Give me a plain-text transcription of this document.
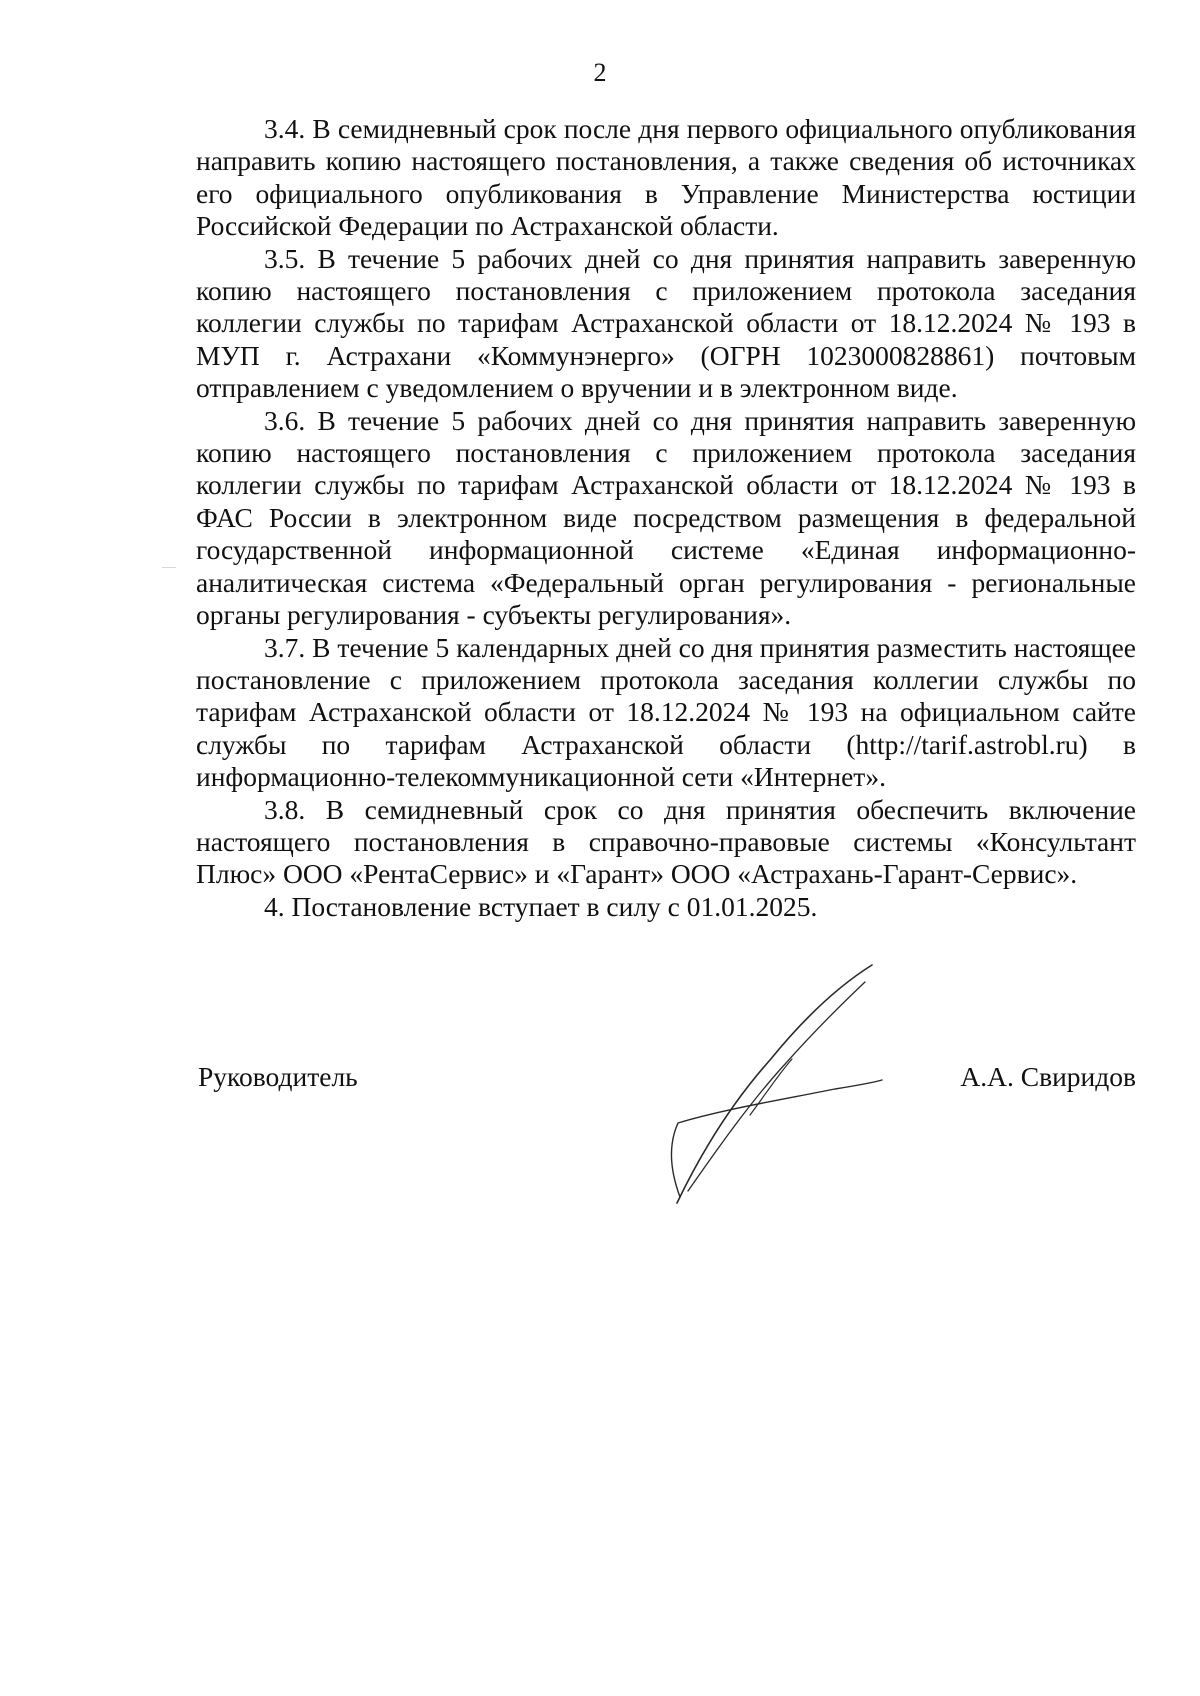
2

3.4. В семидневный срок после дня первого официального опубликования направить копию настоящего постановления, а также сведения об источниках его официального опубликования в Управление Министерства юстиции Российской Федерации по Астраханской области.

3.5. В течение 5 рабочих дней со дня принятия направить заверенную копию настоящего постановления с приложением протокола заседания коллегии службы по тарифам Астраханской области от 18.12.2024 № 193 в МУП г. Астрахани «Коммунэнерго» (ОГРН 1023000828861) почтовым отправлением с уведомлением о вручении и в электронном виде.

3.6. В течение 5 рабочих дней со дня принятия направить заверенную копию настоящего постановления с приложением протокола заседания коллегии службы по тарифам Астраханской области от 18.12.2024 № 193 в ФАС России в электронном виде посредством размещения в федеральной государственной информационной системе «Единая информационно-аналитическая система «Федеральный орган регулирования - региональные органы регулирования - субъекты регулирования».

3.7. В течение 5 календарных дней со дня принятия разместить настоящее постановление с приложением протокола заседания коллегии службы по тарифам Астраханской области от 18.12.2024 № 193 на официальном сайте службы по тарифам Астраханской области (http://tarif.astrobl.ru) в информационно-телекоммуникационной сети «Интернет».

3.8. В семидневный срок со дня принятия обеспечить включение настоящего постановления в справочно-правовые системы «Консультант Плюс» ООО «РентаСервис» и «Гарант» ООО «Астрахань-Гарант-Сервис».

4. Постановление вступает в силу с 01.01.2025.

Руководитель	А.А. Свиридов
